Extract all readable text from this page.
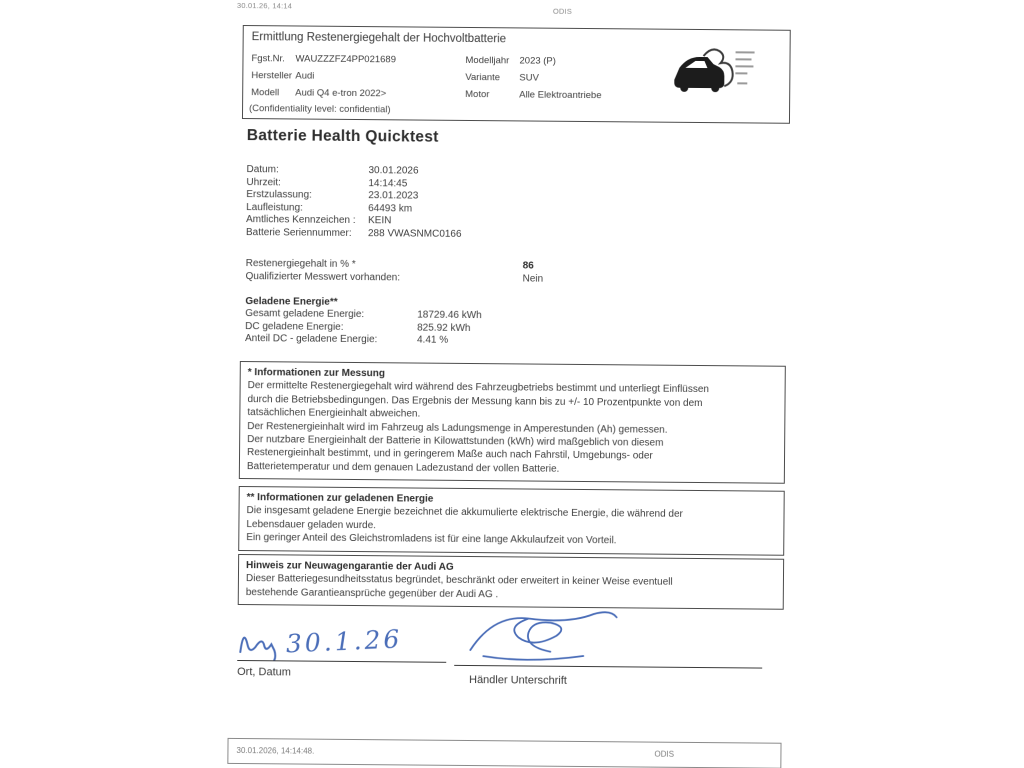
30.01.26, 14:14
ODIS
Ermittlung Restenergiegehalt der Hochvoltbatterie
Fgst.Nr. WAUZZZFZ4PP021689	Modelljahr 2023 (P)
Hersteller Audi	Variante SUV
Modell Audi Q4 e-tron 2022>	Motor	Alle Elektroantriebe
(Confidentiality level: confidential)
Batterie Health Quicktest
Datum:	30.01.2026
Uhrzeit:	14:14:45
Erstzulassung:	23.01.2023
Laufleistung:	64493 km
Amtliches Kennzeichen : KEIN
Batterie Seriennummer: 288 VWASNMC0166
Restenergiegehalt in % *	86
Qualifizierter Messwert vorhanden:	Nein
Geladene Energie**
Gesamt geladene Energie:	18729.46 kWh
DC geladene Energie:	825.92 kWh
Anteil DC - geladene Energie:	4.41 %
* Informationen zur Messung
Der ermittelte Restenergiegehalt wird während des Fahrzeugbetriebs bestimmt und unterliegt Einflüssen
durch die Betriebsbedingungen. Das Ergebnis der Messung kann bis zu +/- 10 Prozentpunkte von dem
tatsächlichen Energieinhalt abweichen.
Der Restenergieinhalt wird im Fahrzeug als Ladungsmenge in Amperestunden (Ah) gemessen.
Der nutzbare Energieinhalt der Batterie in Kilowattstunden (kWh) wird maßgeblich von diesem
Restenergieinhalt bestimmt, und in geringerem Maße auch nach Fahrstil, Umgebungs- oder
Batterietemperatur und dem genauen Ladezustand der vollen Batterie.
** Informationen zur geladenen Energie
Die insgesamt geladene Energie bezeichnet die akkumulierte elektrische Energie, die während der
Lebensdauer geladen wurde.
Ein geringer Anteil des Gleichstromladens ist für eine lange Akkulaufzeit von Vorteil.
Hinweis zur Neuwagengarantie der Audi AG
Dieser Batteriegesundheitsstatus begründet, beschränkt oder erweitert in keiner Weise eventuell
bestehende Garantieansprüche gegenüber der Audi AG .
30.1.26
Ort, Datum
Händler Unterschrift
30.01.2026, 14:14:48.	ODIS
